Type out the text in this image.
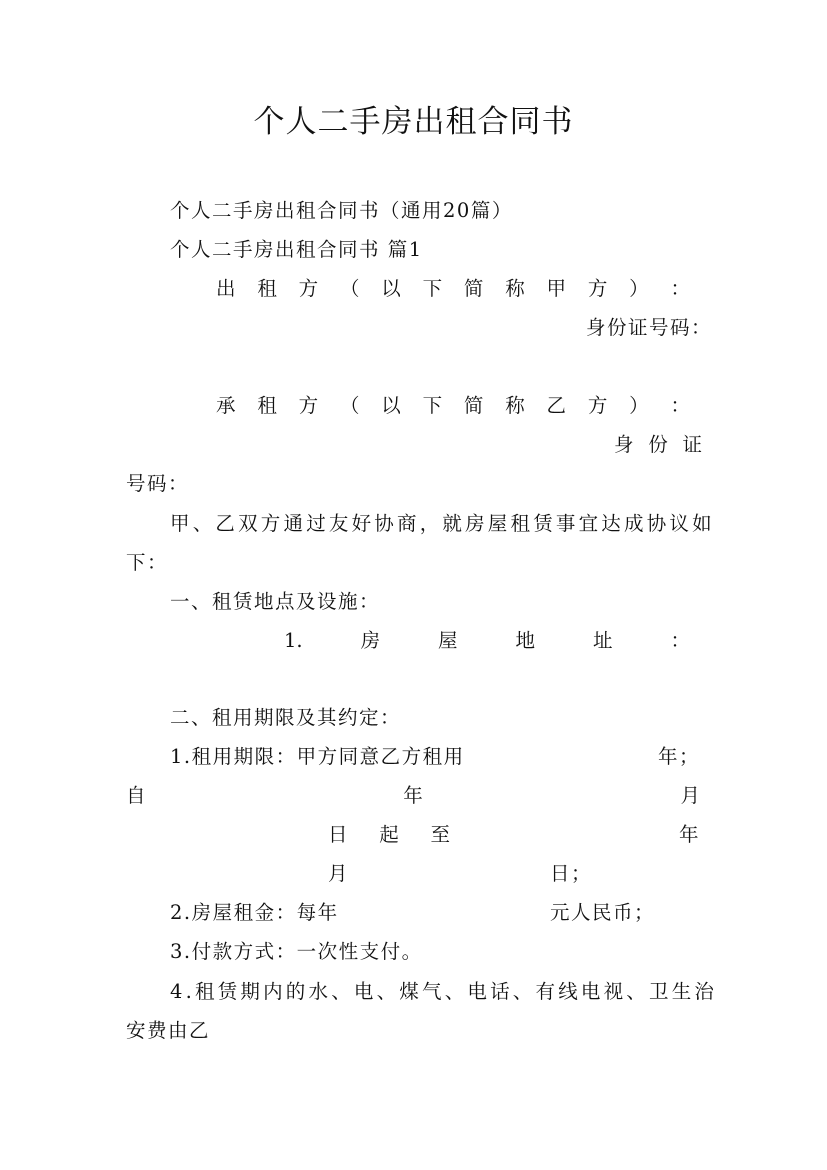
个人二手房出租合同书
个人二手房出租合同书（通用20篇）
个人二手房出租合同书 篇1
出 租 方 （ 以 下 简 称 甲 方 ） ：
身份证号码：
承 租 方 （ 以 下 简 称 乙 方 ） ：
身 份 证
号码：
甲、乙双方通过友好协商，就房屋租赁事宜达成协议如
下：
一、租赁地点及设施：
1.	房	屋	地	址	：
二、租用期限及其约定：
1.租用期限：甲方同意乙方租用	年；
自	年	月
日 起 至	年
月	日；
2.房屋租金：每年	元人民币；
3.付款方式：一次性支付。
4.租赁期内的水、电、煤气、电话、有线电视、卫生治
安费由乙
